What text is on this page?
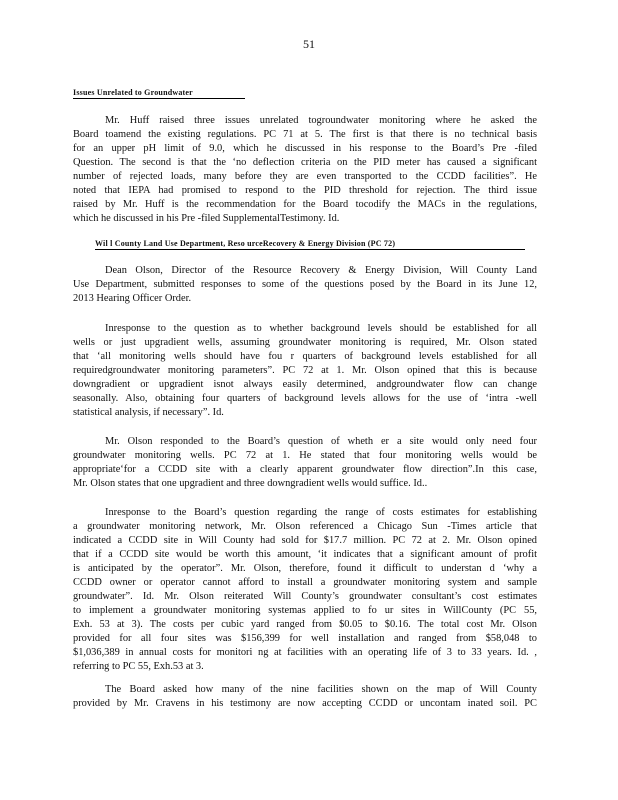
51
Issues Unrelated to Groundwater
Mr. Huff raised three issues unrelated togroundwater monitoring where he asked the
Board toamend the existing regulations. PC 71 at 5. The first is that there is no technical basis
for an upper pH limit of 9.0, which he discussed in his response to the Board’s Pre -filed
Question. The second is that the ‘no deflection criteria on the PID meter has caused a significant
number of rejected loads, many before they are even transported to the CCDD facilities”. He
noted that IEPA had promised to respond to the PID threshold for rejection. The third issue
raised by Mr. Huff is the recommendation for the Board tocodify the MACs in the regulations,
which he discussed in his Pre -filed SupplementalTestimony. Id.
Wil l County Land Use Department, Reso urceRecovery & Energy Division (PC 72)
Dean Olson, Director of the Resource Recovery & Energy Division, Will County Land
Use Department, submitted responses to some of the questions posed by the Board in its June 12,
2013 Hearing Officer Order.
Inresponse to the question as to whether background levels should be established for all
wells or just upgradient wells, assuming groundwater monitoring is required, Mr. Olson stated
that ‘all monitoring wells should have fou r quarters of background levels established for all
requiredgroundwater monitoring parameters”. PC 72 at 1. Mr. Olson opined that this is because
downgradient or upgradient isnot always easily determined, andgroundwater flow can change
seasonally. Also, obtaining four quarters of background levels allows for the use of ‘intra -well
statistical analysis, if necessary”. Id.
Mr. Olson responded to the Board’s question of wheth er a site would only need four
groundwater monitoring wells. PC 72 at 1. He stated that four monitoring wells would be
appropriate‘for a CCDD site with a clearly apparent groundwater flow direction”.In this case,
Mr. Olson states that one upgradient and three downgradient wells would suffice. Id..
Inresponse to the Board’s question regarding the range of costs estimates for establishing
a groundwater monitoring network, Mr. Olson referenced a Chicago Sun -Times article that
indicated a CCDD site in Will County had sold for $17.7 million. PC 72 at 2. Mr. Olson opined
that if a CCDD site would be worth this amount, ‘it indicates that a significant amount of profit
is anticipated by the operator”. Mr. Olson, therefore, found it difficult to understan d ‘why a
CCDD owner or operator cannot afford to install a groundwater monitoring system and sample
groundwater”. Id. Mr. Olson reiterated Will County’s groundwater consultant’s cost estimates
to implement a groundwater monitoring systemas applied to fo ur sites in WillCounty (PC 55,
Exh. 53 at 3). The costs per cubic yard ranged from $0.05 to $0.16. The total cost Mr. Olson
provided for all four sites was $156,399 for well installation and ranged from $58,048 to
$1,036,389 in annual costs for monitori ng at facilities with an operating life of 3 to 33 years. Id. ,
referring to PC 55, Exh.53 at 3.
The Board asked how many of the nine facilities shown on the map of Will County
provided by Mr. Cravens in his testimony are now accepting CCDD or uncontam inated soil. PC
